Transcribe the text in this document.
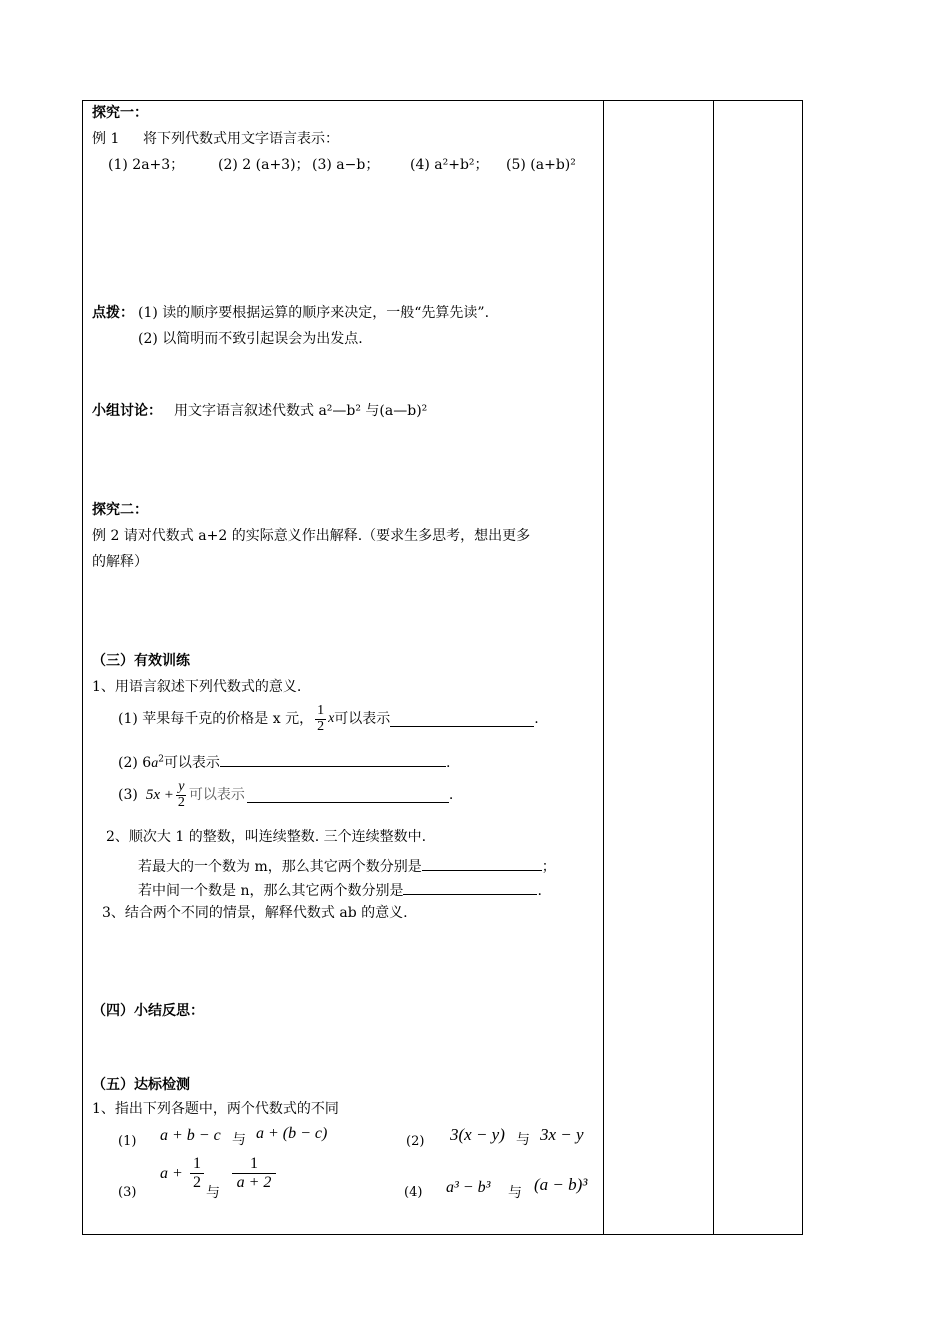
探究一：
例 1 将下列代数式用文字语言表示：
(1) 2a+3； (2) 2 (a+3)； (3) a−b； (4) a²+b²； (5) (a+b)²
点拨： (1) 读的顺序要根据运算的顺序来决定，一般“先算先读”.
(2) 以简明而不致引起误会为出发点.
小组讨论： 用文字语言叙述代数式 a²—b² 与(a—b)²
探究二：
例 2 请对代数式 a+2 的实际意义作出解释.（要求生多思考，想出更多
的解释）
（三）有效训练
1、用语言叙述下列代数式的意义.
(1) 苹果每千克的价格是 x 元， $\frac{1}{2}$ x 可以表示	.
(2) $6a^2$可以表示	.
(3) $5x + \frac{y}{2}$ 可以表示	.
2、顺次大 1 的整数，叫连续整数. 三个连续整数中.
若最大的一个数为 m，那么其它两个数分别是	；
若中间一个数是 n，那么其它两个数分别是	.
3、结合两个不同的情景，解释代数式 ab 的意义.
（四）小结反思：
（五）达标检测
1、指出下列各题中，两个代数式的不同
(1) a + b − c 与 a + (b − c)	(2) 3(x − y) 与 3x − y
(3)
$a + \frac{1}{2}$
与
$\frac{1}{a + 2}$	(4) a³ − b³ 与 (a − b)³
